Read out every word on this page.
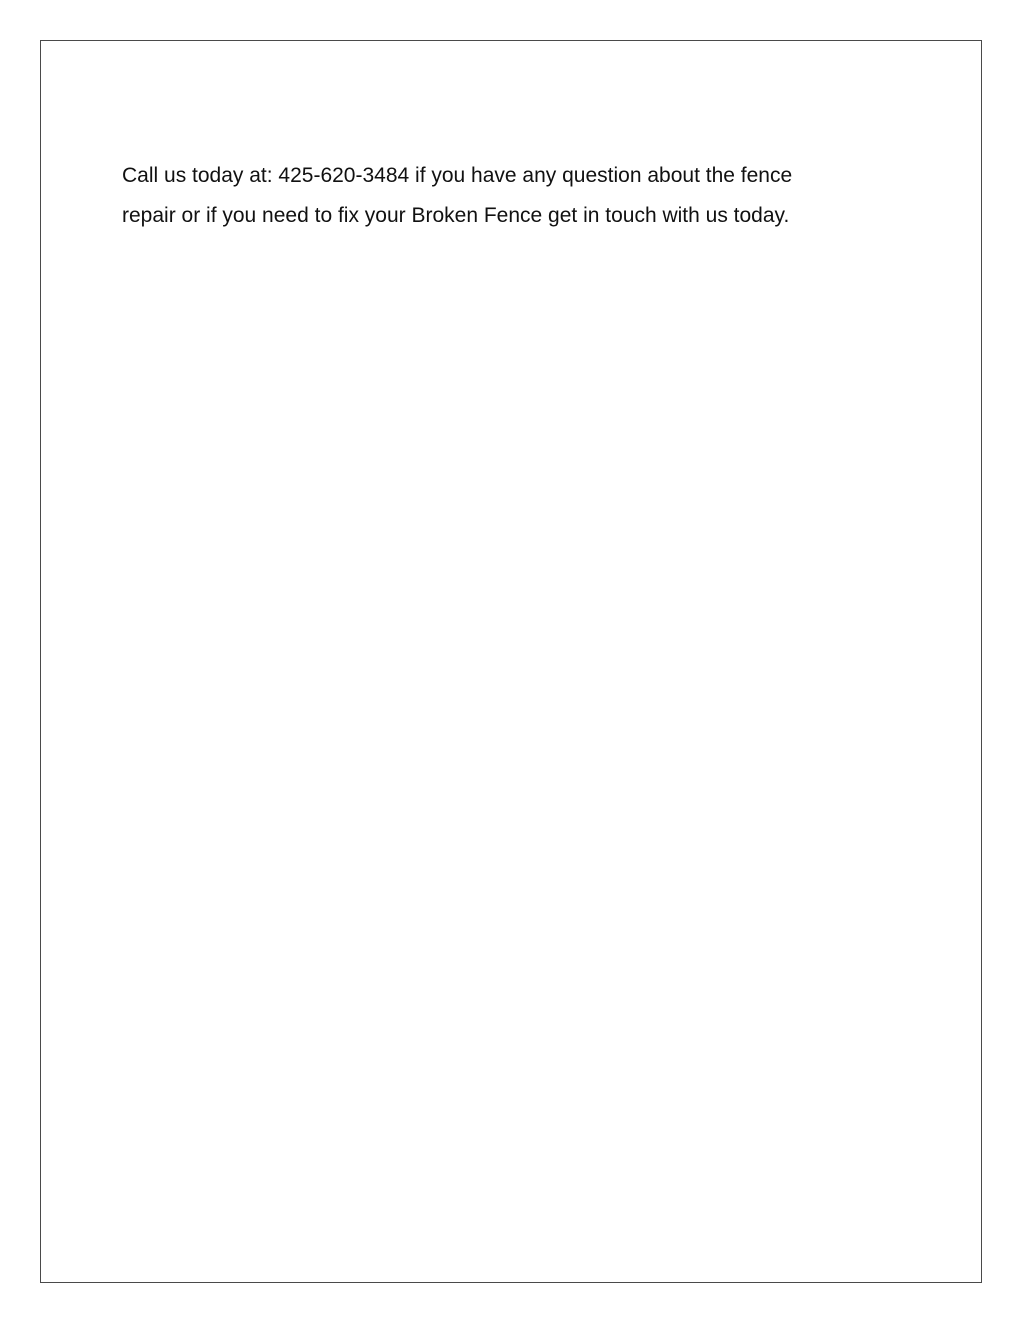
Call us today at: 425-620-3484 if you have any question about the fence
repair or if you need to fix your Broken Fence get in touch with us today.
